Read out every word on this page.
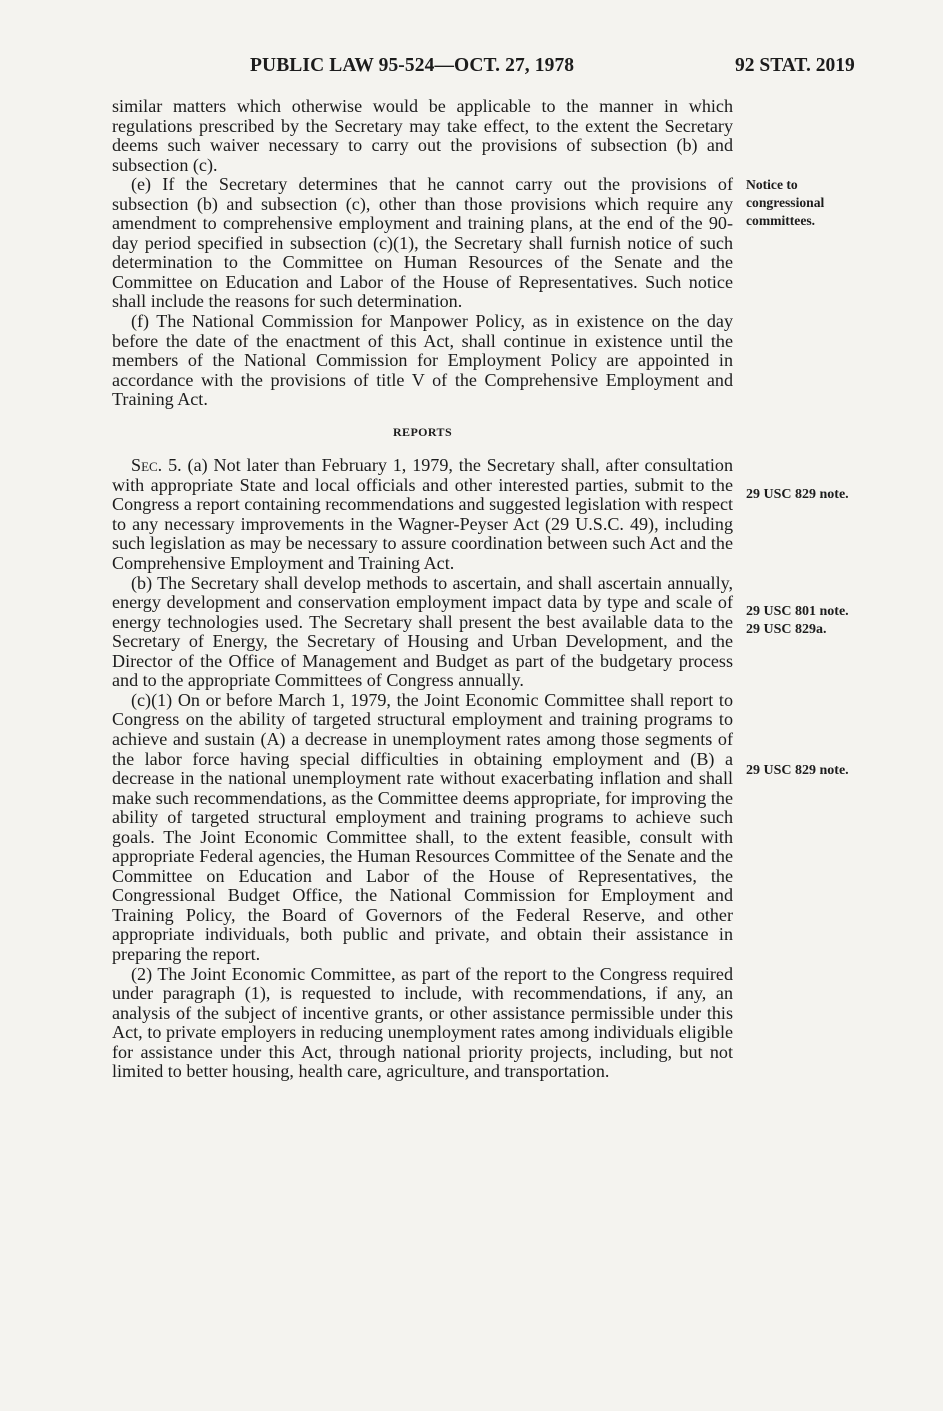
PUBLIC LAW 95-524—OCT. 27, 1978	92 STAT. 2019

similar matters which otherwise would be applicable to the manner in which regulations prescribed by the Secretary may take effect, to the extent the Secretary deems such waiver necessary to carry out the provisions of subsection (b) and subsection (c).

(e) If the Secretary determines that he cannot carry out the provisions of subsection (b) and subsection (c), other than those provisions which require any amendment to comprehensive employment and training plans, at the end of the 90-day period specified in subsection (c)(1), the Secretary shall furnish notice of such determination to the Committee on Human Resources of the Senate and the Committee on Education and Labor of the House of Representatives. Such notice shall include the reasons for such determination.

(f) The National Commission for Manpower Policy, as in existence on the day before the date of the enactment of this Act, shall continue in existence until the members of the National Commission for Employment Policy are appointed in accordance with the provisions of title V of the Comprehensive Employment and Training Act.

REPORTS

Sec. 5. (a) Not later than February 1, 1979, the Secretary shall, after consultation with appropriate State and local officials and other interested parties, submit to the Congress a report containing recommendations and suggested legislation with respect to any necessary improvements in the Wagner-Peyser Act (29 U.S.C. 49), including such legislation as may be necessary to assure coordination between such Act and the Comprehensive Employment and Training Act.

(b) The Secretary shall develop methods to ascertain, and shall ascertain annually, energy development and conservation employment impact data by type and scale of energy technologies used. The Secretary shall present the best available data to the Secretary of Energy, the Secretary of Housing and Urban Development, and the Director of the Office of Management and Budget as part of the budgetary process and to the appropriate Committees of Congress annually.

(c)(1) On or before March 1, 1979, the Joint Economic Committee shall report to Congress on the ability of targeted structural employment and training programs to achieve and sustain (A) a decrease in unemployment rates among those segments of the labor force having special difficulties in obtaining employment and (B) a decrease in the national unemployment rate without exacerbating inflation and shall make such recommendations, as the Committee deems appropriate, for improving the ability of targeted structural employment and training programs to achieve such goals. The Joint Economic Committee shall, to the extent feasible, consult with appropriate Federal agencies, the Human Resources Committee of the Senate and the Committee on Education and Labor of the House of Representatives, the Congressional Budget Office, the National Commission for Employment and Training Policy, the Board of Governors of the Federal Reserve, and other appropriate individuals, both public and private, and obtain their assistance in preparing the report.

(2) The Joint Economic Committee, as part of the report to the Congress required under paragraph (1), is requested to include, with recommendations, if any, an analysis of the subject of incentive grants, or other assistance permissible under this Act, to private employers in reducing unemployment rates among individuals eligible for assistance under this Act, through national priority projects, including, but not limited to better housing, health care, agriculture, and transportation.

Notice to
congressional
committees.
29 USC 829 note.
29 USC 801 note.
29 USC 829a.
29 USC 829 note.
